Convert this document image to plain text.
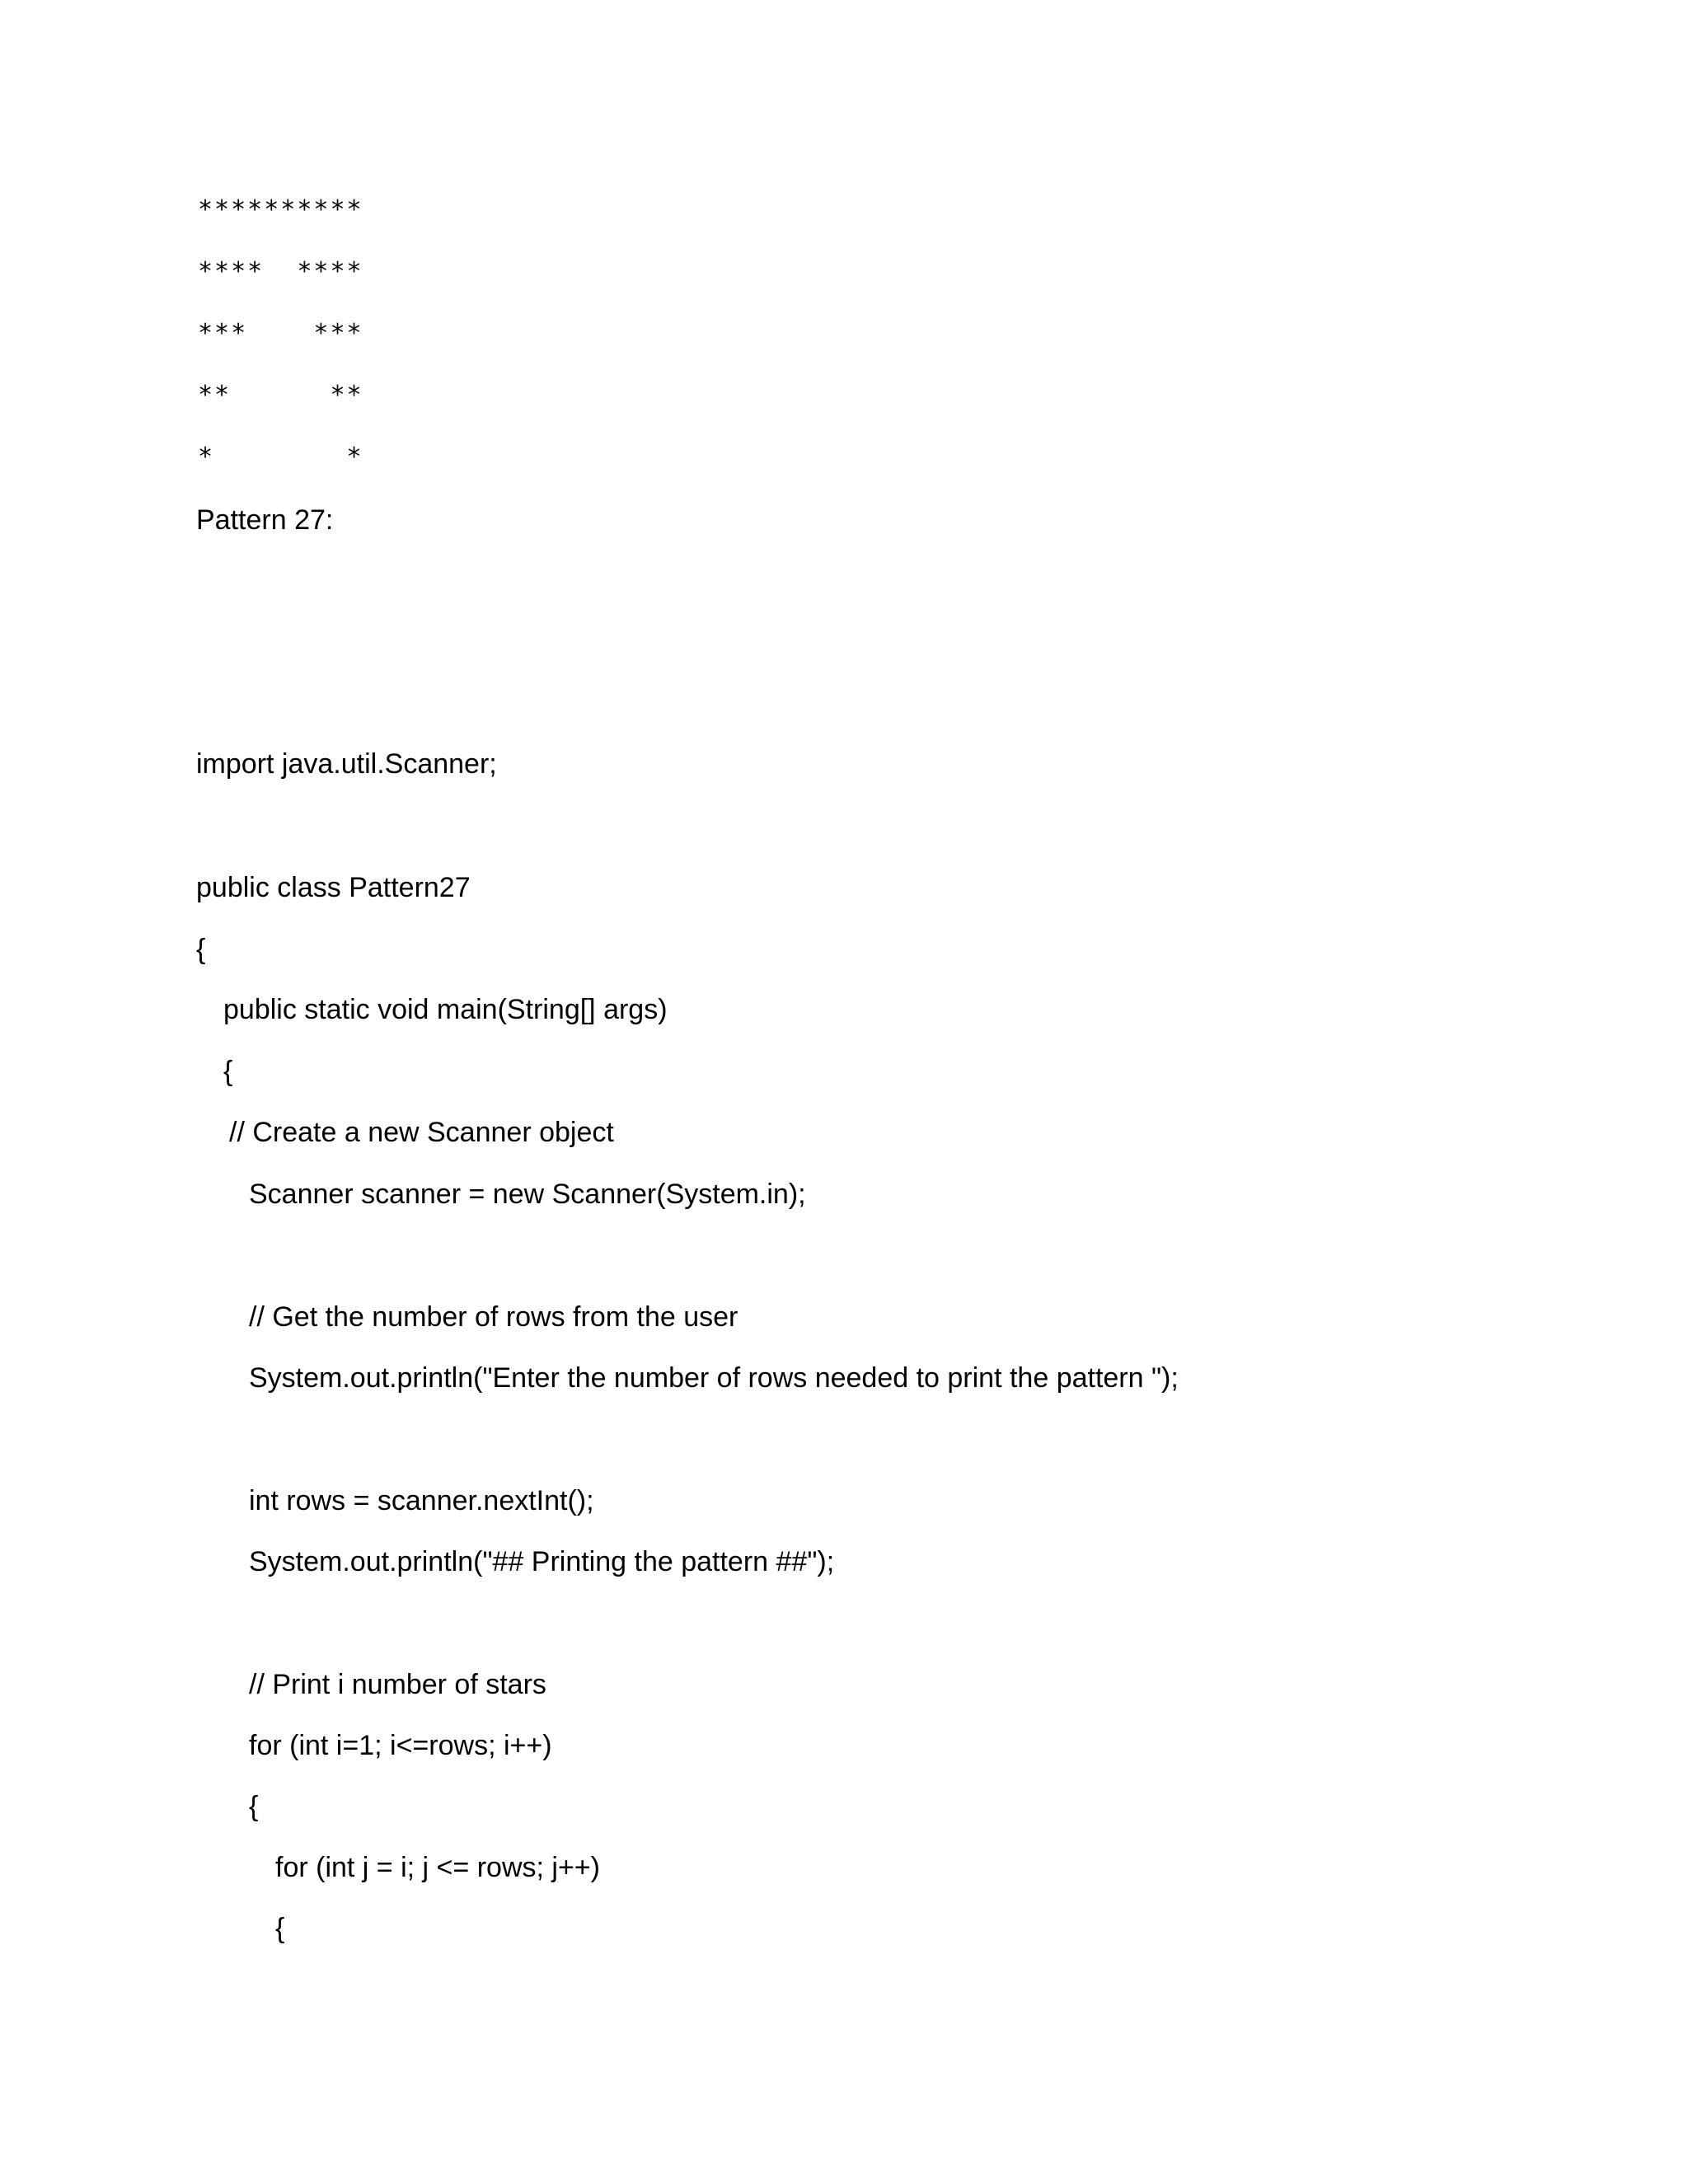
**********
****  ****
***    ***
**      **
*        *
Pattern 27:
import java.util.Scanner;
public class Pattern27
{
public static void main(String[] args)
{
// Create a new Scanner object
Scanner scanner = new Scanner(System.in);
// Get the number of rows from the user
System.out.println("Enter the number of rows needed to print the pattern ");
int rows = scanner.nextInt();
System.out.println("## Printing the pattern ##");
// Print i number of stars
for (int i=1; i<=rows; i++)
{
for (int j = i; j <= rows; j++)
{
